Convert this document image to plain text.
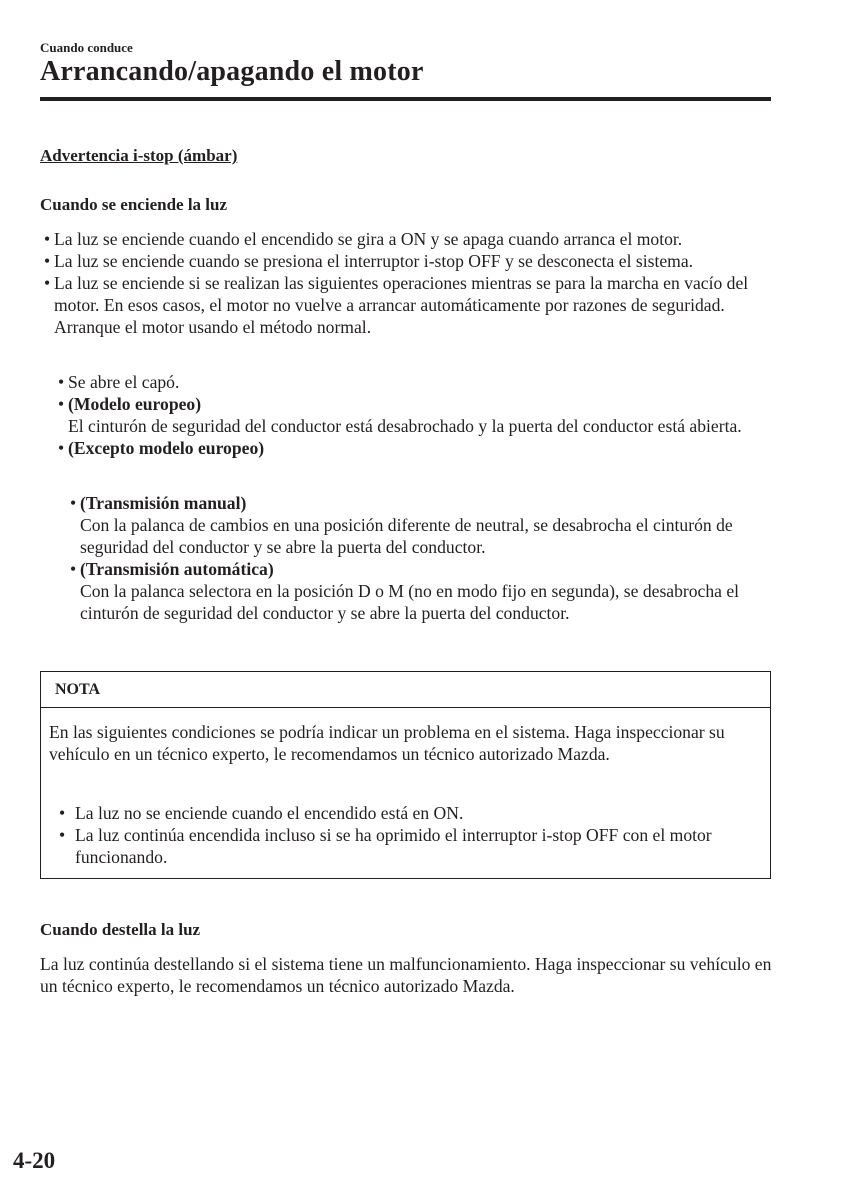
Cuando conduce
Arrancando/apagando el motor
Advertencia i-stop (ámbar)
Cuando se enciende la luz
• La luz se enciende cuando el encendido se gira a ON y se apaga cuando arranca el motor.
• La luz se enciende cuando se presiona el interruptor i-stop OFF y se desconecta el sistema.
• La luz se enciende si se realizan las siguientes operaciones mientras se para la marcha en vacío del motor. En esos casos, el motor no vuelve a arrancar automáticamente por razones de seguridad. Arranque el motor usando el método normal.
• Se abre el capó.
• (Modelo europeo)
El cinturón de seguridad del conductor está desabrochado y la puerta del conductor está abierta.
• (Excepto modelo europeo)
• (Transmisión manual)
Con la palanca de cambios en una posición diferente de neutral, se desabrocha el cinturón de seguridad del conductor y se abre la puerta del conductor.
• (Transmisión automática)
Con la palanca selectora en la posición D o M (no en modo fijo en segunda), se desabrocha el cinturón de seguridad del conductor y se abre la puerta del conductor.
NOTA
En las siguientes condiciones se podría indicar un problema en el sistema. Haga inspeccionar su vehículo en un técnico experto, le recomendamos un técnico autorizado Mazda.
• La luz no se enciende cuando el encendido está en ON.
• La luz continúa encendida incluso si se ha oprimido el interruptor i-stop OFF con el motor funcionando.
Cuando destella la luz
La luz continúa destellando si el sistema tiene un malfuncionamiento. Haga inspeccionar su vehículo en un técnico experto, le recomendamos un técnico autorizado Mazda.
4-20
